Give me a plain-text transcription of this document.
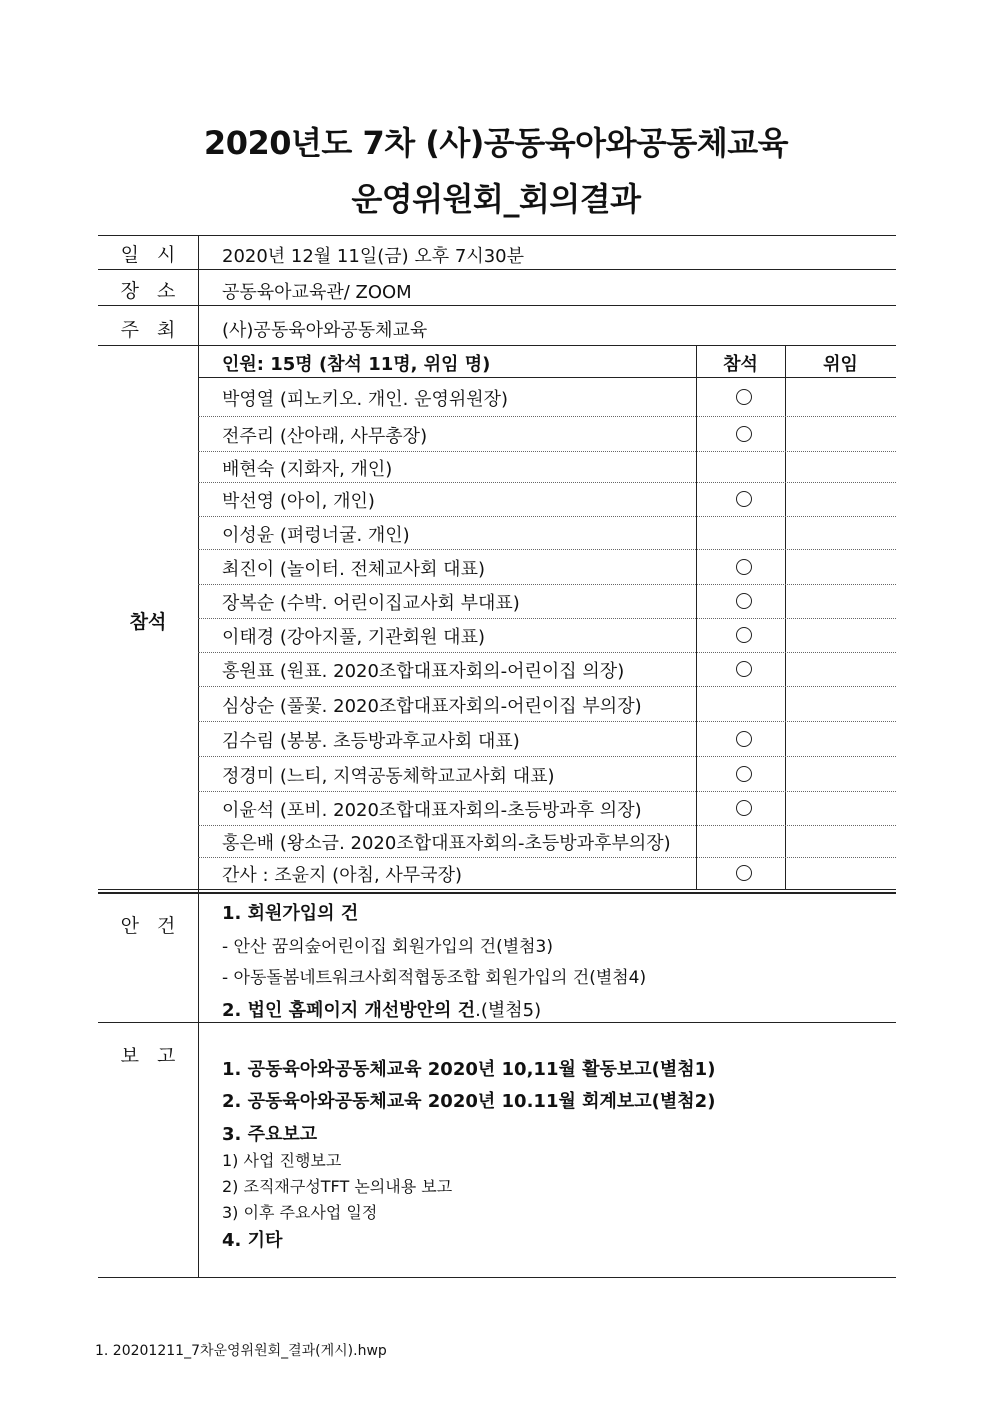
2020년도 7차 (사)공동육아와공동체교육
운영위원회_회의결과
일시 2020년 12월 11일(금) 오후 7시30분
장소 공동육아교육관/ ZOOM
주최 (사)공동육아와공동체교육
참석
인원: 15명 (참석 11명, 위임 명)	참석	위임
박영열 (피노키오. 개인. 운영위원장)
전주리 (산아래, 사무총장)
배현숙 (지화자, 개인)
박선영 (아이, 개인)
이성윤 (펴렁너굴. 개인)
최진이 (놀이터. 전체교사회 대표)
장복순 (수박. 어린이집교사회 부대표)
이태경 (강아지풀, 기관회원 대표)
홍원표 (원표. 2020조합대표자회의-어린이집 의장)
심상순 (풀꽃. 2020조합대표자회의-어린이집 부의장)
김수림 (봉봉. 초등방과후교사회 대표)
정경미 (느티, 지역공동체학교교사회 대표)
이윤석 (포비. 2020조합대표자회의-초등방과후 의장)
홍은배 (왕소금. 2020조합대표자회의-초등방과후부의장)
간사 : 조윤지 (아침, 사무국장)
안건
1. 회원가입의 건
- 안산 꿈의숲어린이집 회원가입의 건(별첨3)
- 아동돌봄네트워크사회적협동조합 회원가입의 건(별첨4)
2. 법인 홈페이지 개선방안의 건.(별첨5)
보고
1. 공동육아와공동체교육 2020년 10,11월 활동보고(별첨1)
2. 공동육아와공동체교육 2020년 10.11월 회계보고(별첨2)
3. 주요보고
1) 사업 진행보고
2) 조직재구성TFT 논의내용 보고
3) 이후 주요사업 일정
4. 기타
1. 20201211_7차운영위원회_결과(게시).hwp
